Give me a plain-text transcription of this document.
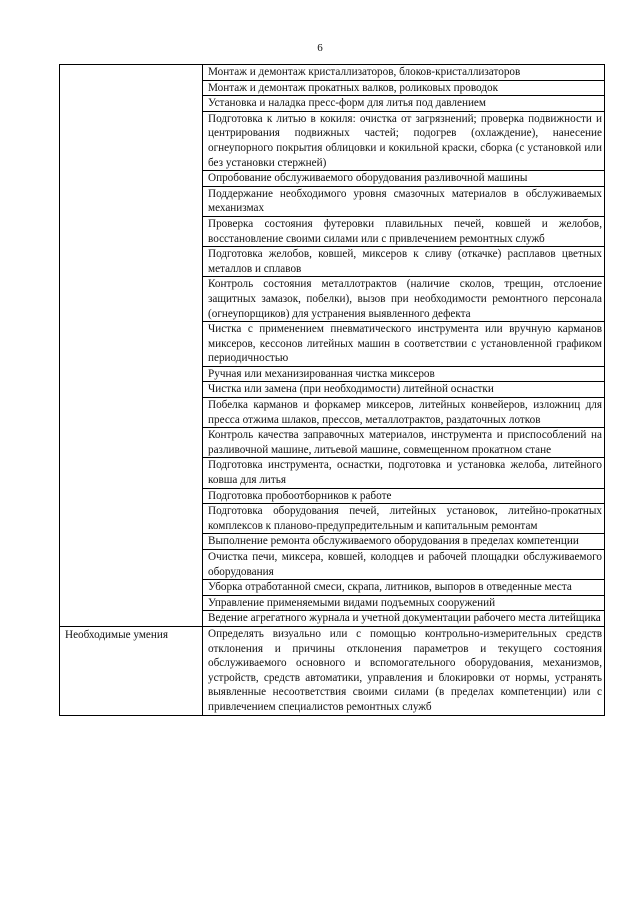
6
	Монтаж и демонтаж кристаллизаторов, блоков-кристаллизаторов
	Монтаж и демонтаж прокатных валков, роликовых проводок
	Установка и наладка пресс-форм для литья под давлением
	Подготовка к литью в кокиля: очистка от загрязнений; проверка подвижности и центрирования подвижных частей; подогрев (охлаждение), нанесение огнеупорного покрытия облицовки и кокильной краски, сборка (с установкой или без установки стержней)
	Опробование обслуживаемого оборудования разливочной машины
	Поддержание необходимого уровня смазочных материалов в обслуживаемых механизмах
	Проверка состояния футеровки плавильных печей, ковшей и желобов, восстановление своими силами или с привлечением ремонтных служб
	Подготовка желобов, ковшей, миксеров к сливу (откачке) расплавов цветных металлов и сплавов
	Контроль состояния металлотрактов (наличие сколов, трещин, отслоение защитных замазок, побелки), вызов при необходимости ремонтного персонала (огнеупорщиков) для устранения выявленного дефекта
	Чистка с применением пневматического инструмента или вручную карманов миксеров, кессонов литейных машин в соответствии с установленной графиком периодичностью
	Ручная или механизированная чистка миксеров
	Чистка или замена (при необходимости) литейной оснастки
	Побелка карманов и форкамер миксеров, литейных конвейеров, изложниц для пресса отжима шлаков, прессов, металлотрактов, раздаточных лотков
	Контроль качества заправочных материалов, инструмента и приспособлений на разливочной машине, литьевой машине, совмещенном прокатном стане
	Подготовка инструмента, оснастки, подготовка и установка желоба, литейного ковша для литья
	Подготовка пробоотборников к работе
	Подготовка оборудования печей, литейных установок, литейно-прокатных комплексов к планово-предупредительным и капитальным ремонтам
	Выполнение ремонта обслуживаемого оборудования в пределах компетенции
	Очистка печи, миксера, ковшей, колодцев и рабочей площадки обслуживаемого оборудования
	Уборка отработанной смеси, скрапа, литников, выпоров в отведенные места
	Управление применяемыми видами подъемных сооружений
	Ведение агрегатного журнала и учетной документации рабочего места литейщика
Необходимые умения	Определять визуально или с помощью контрольно-измерительных средств отклонения и причины отклонения параметров и текущего состояния обслуживаемого основного и вспомогательного оборудования, механизмов, устройств, средств автоматики, управления и блокировки от нормы, устранять выявленные несоответствия своими силами (в пределах компетенции) или с привлечением специалистов ремонтных служб
